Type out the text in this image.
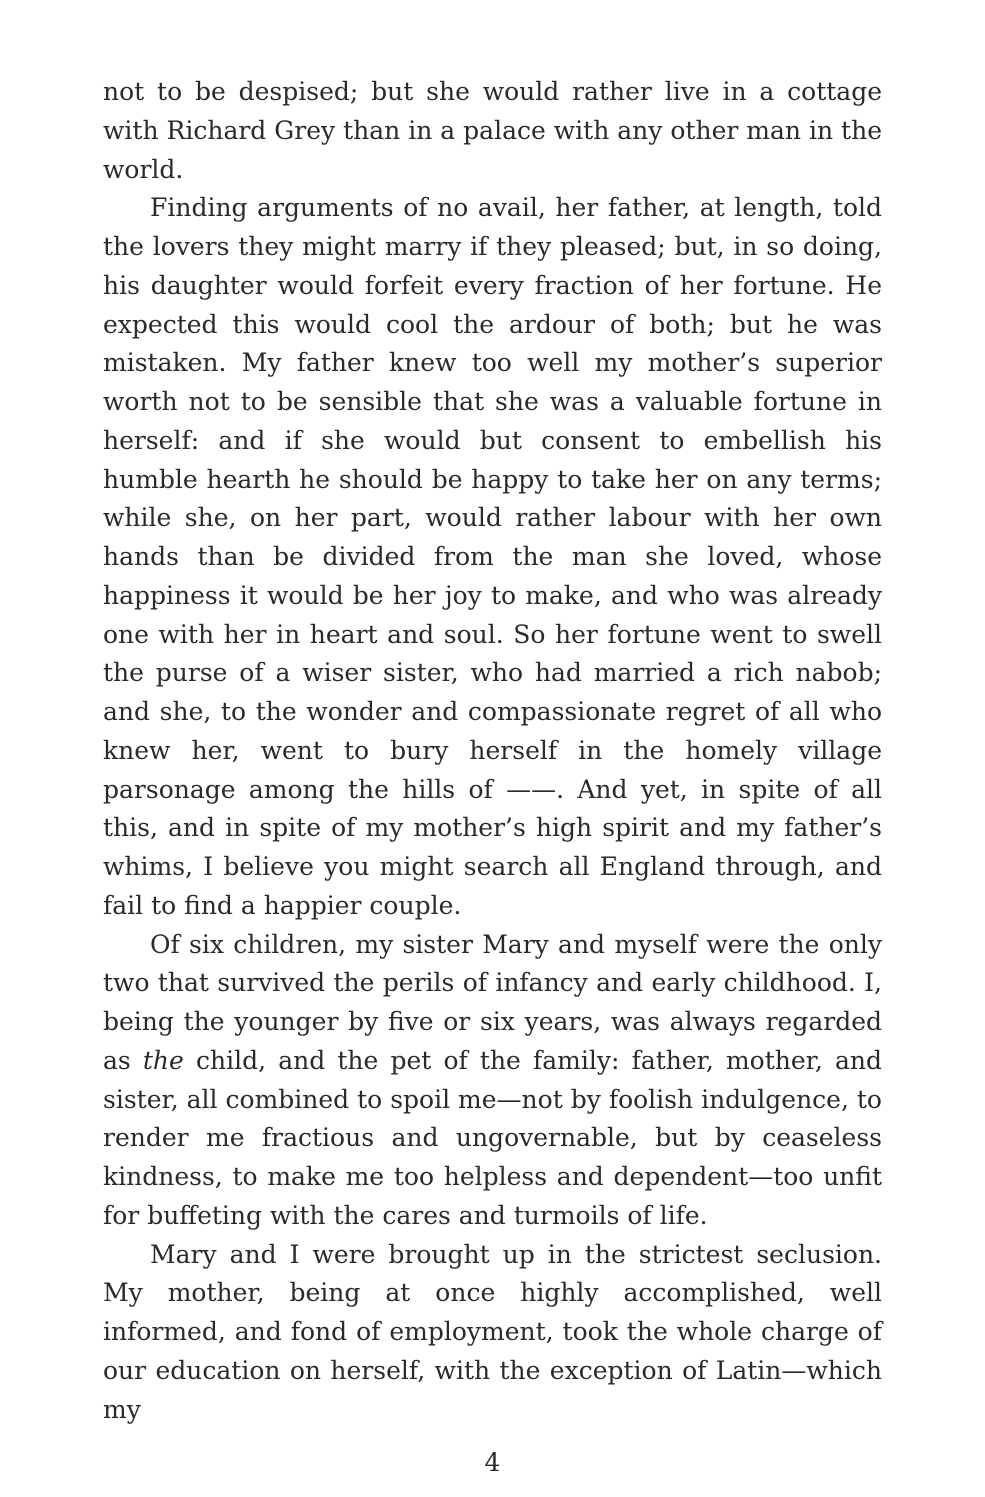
not to be despised; but she would rather live in a cottage with Richard Grey than in a palace with any other man in the world.

Finding arguments of no avail, her father, at length, told the lovers they might marry if they pleased; but, in so doing, his daughter would forfeit every fraction of her fortune. He expected this would cool the ardour of both; but he was mistaken. My father knew too well my mother’s superior worth not to be sensible that she was a valuable fortune in herself: and if she would but consent to embellish his humble hearth he should be happy to take her on any terms; while she, on her part, would rather labour with her own hands than be divided from the man she loved, whose happiness it would be her joy to make, and who was already one with her in heart and soul. So her fortune went to swell the purse of a wiser sister, who had married a rich nabob; and she, to the wonder and compassionate regret of all who knew her, went to bury herself in the homely village parsonage among the hills of ——. And yet, in spite of all this, and in spite of my mother’s high spirit and my father’s whims, I believe you might search all England through, and fail to find a happier couple.

Of six children, my sister Mary and myself were the only two that survived the perils of infancy and early childhood. I, being the younger by five or six years, was always regarded as the child, and the pet of the family: father, mother, and sister, all combined to spoil me—not by foolish indulgence, to render me fractious and ungovernable, but by ceaseless kindness, to make me too helpless and dependent—too unfit for buffeting with the cares and turmoils of life.

Mary and I were brought up in the strictest seclusion. My mother, being at once highly accomplished, well informed, and fond of employment, took the whole charge of our education on herself, with the exception of Latin—which my

4
